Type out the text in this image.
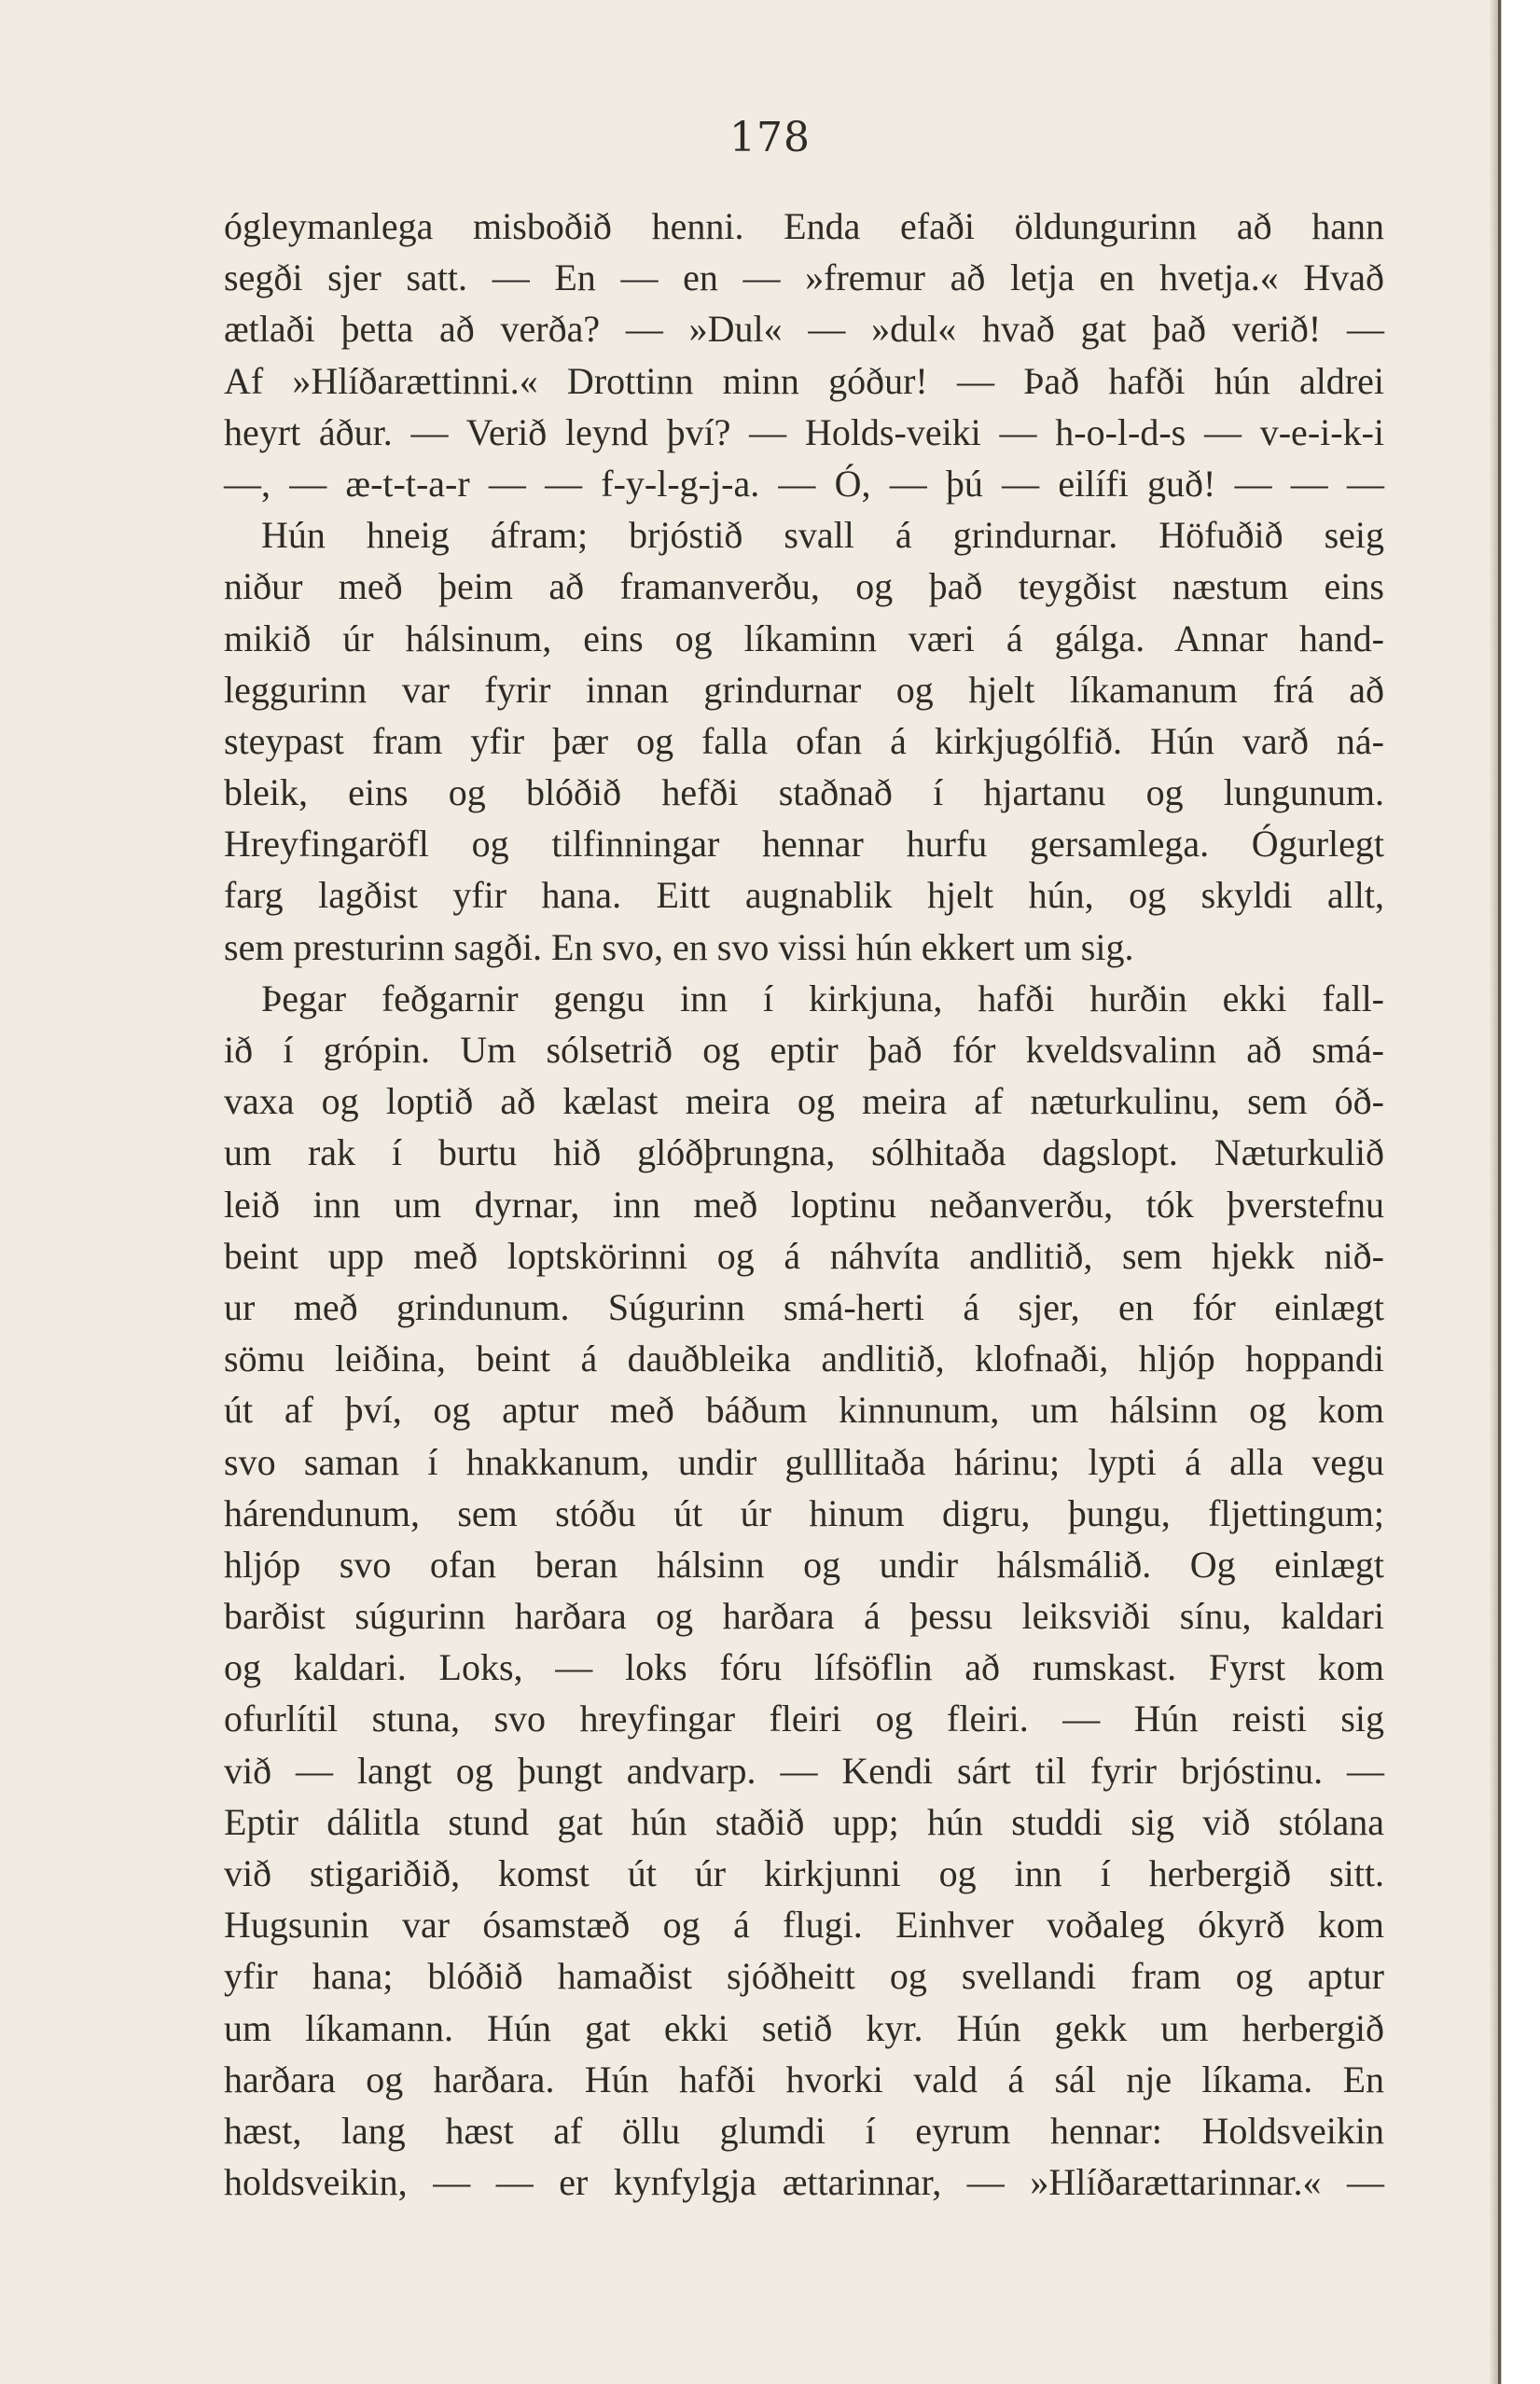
178

ógleymanlega misboðið henni. Enda efaði öldungurinn að hann
segði sjer satt. — En — en — »fremur að letja en hvetja.« Hvað
ætlaði þetta að verða? — »Dul« — »dul« hvað gat það verið! —
Af »Hlíðarættinni.« Drottinn minn góður! — Það hafði hún aldrei
heyrt áður. — Verið leynd því? — Holds-veiki — h-o-l-d-s — v-e-i-k-i
—, — æ-t-t-a-r — — f-y-l-g-j-a. — Ó, — þú — eilífi guð! — — —
Hún hneig áfram; brjóstið svall á grindurnar. Höfuðið seig
niður með þeim að framanverðu, og það teygðist næstum eins
mikið úr hálsinum, eins og líkaminn væri á gálga. Annar hand-
leggurinn var fyrir innan grindurnar og hjelt líkamanum frá að
steypast fram yfir þær og falla ofan á kirkjugólfið. Hún varð ná-
bleik, eins og blóðið hefði staðnað í hjartanu og lungunum.
Hreyfingaröfl og tilfinningar hennar hurfu gersamlega. Ógurlegt
farg lagðist yfir hana. Eitt augnablik hjelt hún, og skyldi allt,
sem presturinn sagði. En svo, en svo vissi hún ekkert um sig.
Þegar feðgarnir gengu inn í kirkjuna, hafði hurðin ekki fall-
ið í grópin. Um sólsetrið og eptir það fór kveldsvalinn að smá-
vaxa og loptið að kælast meira og meira af næturkulinu, sem óð-
um rak í burtu hið glóðþrungna, sólhitaða dagslopt. Næturkulið
leið inn um dyrnar, inn með loptinu neðanverðu, tók þverstefnu
beint upp með loptskörinni og á náhvíta andlitið, sem hjekk nið-
ur með grindunum. Súgurinn smá-herti á sjer, en fór einlægt
sömu leiðina, beint á dauðbleika andlitið, klofnaði, hljóp hoppandi
út af því, og aptur með báðum kinnunum, um hálsinn og kom
svo saman í hnakkanum, undir gulllitaða hárinu; lypti á alla vegu
hárendunum, sem stóðu út úr hinum digru, þungu, fljettingum;
hljóp svo ofan beran hálsinn og undir hálsmálið. Og einlægt
barðist súgurinn harðara og harðara á þessu leiksviði sínu, kaldari
og kaldari. Loks, — loks fóru lífsöflin að rumskast. Fyrst kom
ofurlítil stuna, svo hreyfingar fleiri og fleiri. — Hún reisti sig
við — langt og þungt andvarp. — Kendi sárt til fyrir brjóstinu. —
Eptir dálitla stund gat hún staðið upp; hún studdi sig við stólana
við stigariðið, komst út úr kirkjunni og inn í herbergið sitt.
Hugsunin var ósamstæð og á flugi. Einhver voðaleg ókyrð kom
yfir hana; blóðið hamaðist sjóðheitt og svellandi fram og aptur
um líkamann. Hún gat ekki setið kyr. Hún gekk um herbergið
harðara og harðara. Hún hafði hvorki vald á sál nje líkama. En
hæst, lang hæst af öllu glumdi í eyrum hennar: Holdsveikin
holdsveikin, — — er kynfylgja ættarinnar, — »Hlíðarættarinnar.« —
